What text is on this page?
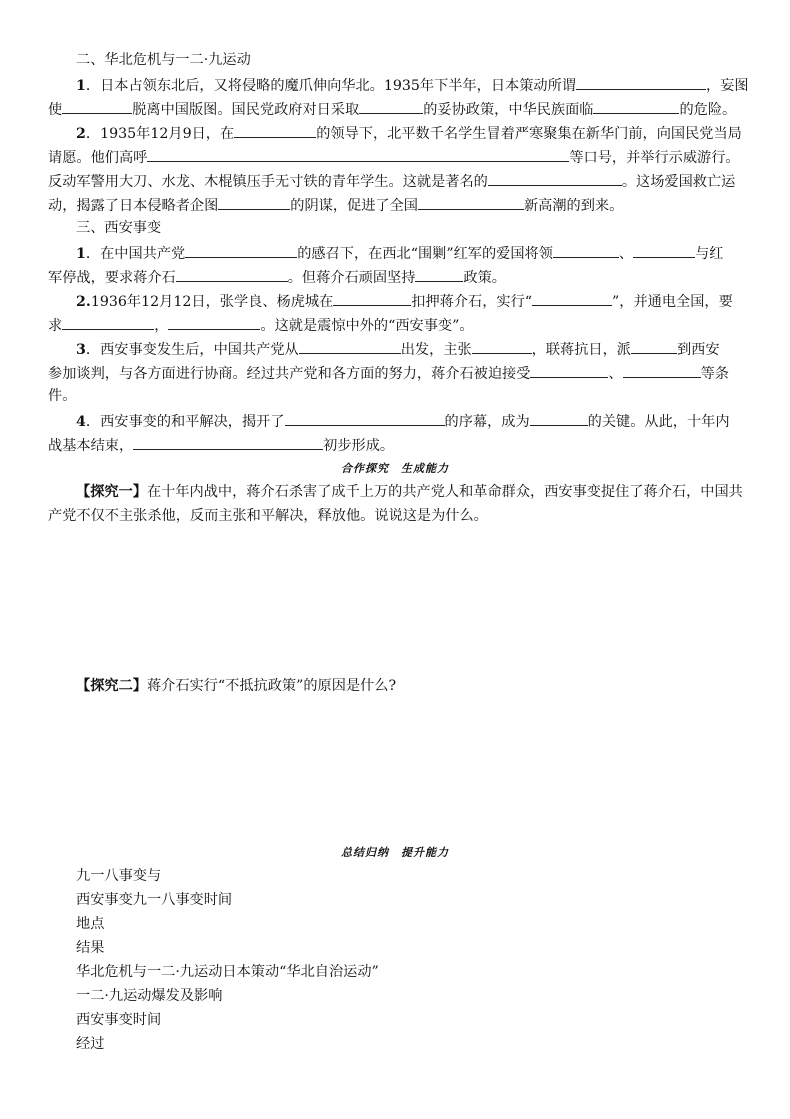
二、华北危机与一二·九运动
1．日本占领东北后，又将侵略的魔爪伸向华北。1935年下半年，日本策动所谓	，妄图
使	脱离中国版图。国民党政府对日采取	的妥协政策，中华民族面临	的危险。
2．1935年12月9日，在	的领导下，北平数千名学生冒着严寒聚集在新华门前，向国民党当局
请愿。他们高呼	等口号，并举行示威游行。
反动军警用大刀、水龙、木棍镇压手无寸铁的青年学生。这就是著名的	。这场爱国救亡运
动，揭露了日本侵略者企图	的阴谋，促进了全国	新高潮的到来。
三、西安事变
1．在中国共产党	的感召下，在西北“围剿”红军的爱国将领	、	与红
军停战，要求蒋介石	。但蒋介石顽固坚持	政策。
2.1936年12月12日，张学良、杨虎城在	扣押蒋介石，实行“	”，并通电全国，要
求	，	。这就是震惊中外的“西安事变”。
3．西安事变发生后，中国共产党从	出发，主张	，联蒋抗日，派	到西安
参加谈判，与各方面进行协商。经过共产党和各方面的努力，蒋介石被迫接受	、	等条
件。
4．西安事变的和平解决，揭开了	的序幕，成为	的关键。从此，十年内
战基本结束，	初步形成。
合作探究　生成能力
【探究一】在十年内战中，蒋介石杀害了成千上万的共产党人和革命群众，西安事变捉住了蒋介石，中国共
产党不仅不主张杀他，反而主张和平解决，释放他。说说这是为什么。
【探究二】蒋介石实行“不抵抗政策”的原因是什么?
总结归纳　提升能力
九一八事变与
西安事变九一八事变时间
地点
结果
华北危机与一二·九运动日本策动“华北自治运动”
一二·九运动爆发及影响
西安事变时间
经过
